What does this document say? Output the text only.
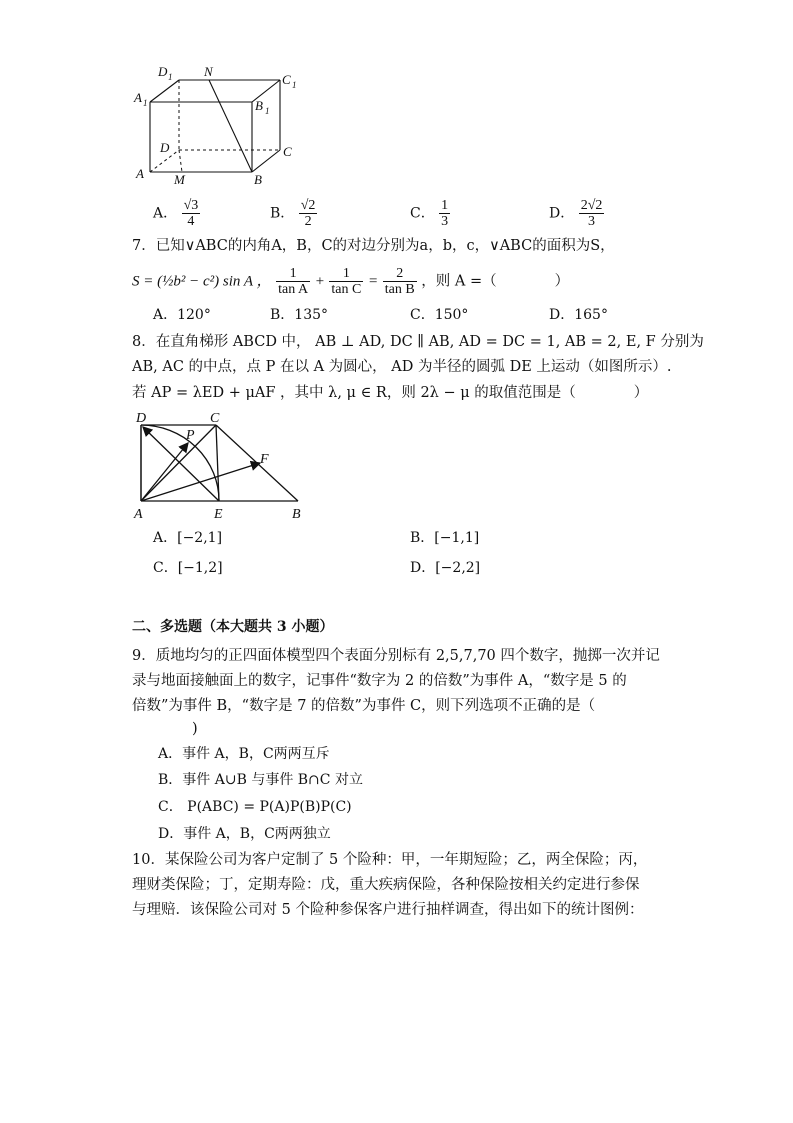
D 1 N
C 1
A 1	B 1
D	C
A M	B
A． $\frac{√3}{4}$	B． $\frac{√2}{2}$	C． $\frac{1}{3}$	D． $\frac{2√2}{3}$
7．已知∨ABC的内角A，B，C的对边分别为a，b，c，∨ABC的面积为S，
S = (½b² − c²) sin A ， $\frac{1}{\text{tan A}} + \frac{1}{\text{tan C}} = \frac{2}{\text{tan B}}$ ，则 A =（　　　　）
A．120°	B．135°	C．150°	D．165°
8．在直角梯形 ABCD 中， AB ⊥ AD, DC ∥ AB, AD = DC = 1, AB = 2, E, F 分别为
AB, AC 的中点，点 P 在以 A 为圆心， AD 为半径的圆弧 DE 上运动（如图所示）.
若 AP = λED + μAF ，其中 λ, μ ∈ R，则 2λ − μ 的取值范围是（　　　　）
D	C
P
F
A	E	B
A．[−2,1]	B．[−1,1]
C．[−1,2]	D．[−2,2]
二、多选题（本大题共 3 小题）
9．质地均匀的正四面体模型四个表面分别标有 2,5,7,70 四个数字，抛掷一次并记
录与地面接触面上的数字，记事件“数字为 2 的倍数”为事件 A，“数字是 5 的
倍数”为事件 B，“数字是 7 的倍数”为事件 C，则下列选项不正确的是（
)
A．事件 A，B，C两两互斥
B．事件 A∪B 与事件 B∩C 对立
C． P(ABC) = P(A)P(B)P(C)
D．事件 A，B，C两两独立
10．某保险公司为客户定制了 5 个险种：甲，一年期短险；乙，两全保险；丙，
理财类保险；丁，定期寿险：戊，重大疾病保险，各种保险按相关约定进行参保
与理赔．该保险公司对 5 个险种参保客户进行抽样调查，得出如下的统计图例：
